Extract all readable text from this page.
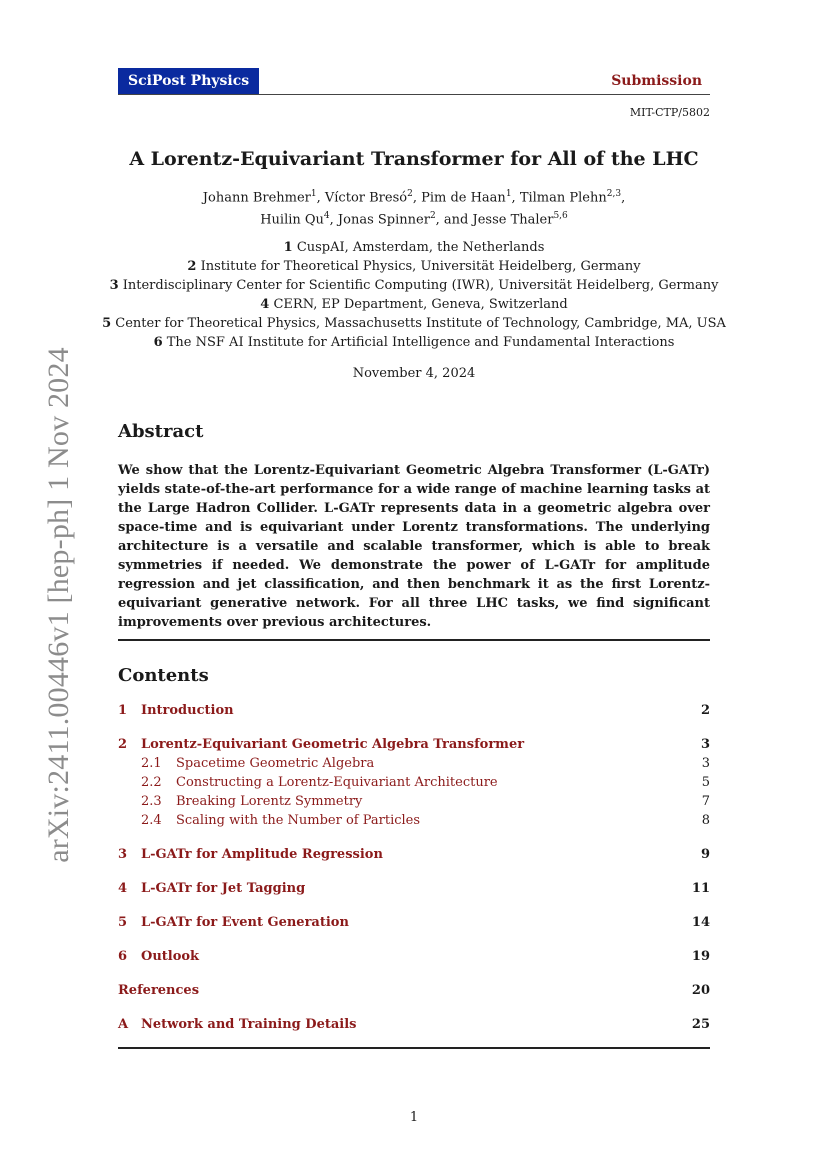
arXiv:2411.00446v1 [hep-ph] 1 Nov 2024
SciPost Physics	Submission
MIT-CTP/5802
A Lorentz-Equivariant Transformer for All of the LHC
Johann Brehmer$^1$, Víctor Bresó$^2$, Pim de Haan$^1$, Tilman Plehn$^{2,3}$,
Huilin Qu$^4$, Jonas Spinner$^2$, and Jesse Thaler$^{5,6}$
1 CuspAI, Amsterdam, the Netherlands
2 Institute for Theoretical Physics, Universität Heidelberg, Germany
3 Interdisciplinary Center for Scientific Computing (IWR), Universität Heidelberg, Germany
4 CERN, EP Department, Geneva, Switzerland
5 Center for Theoretical Physics, Massachusetts Institute of Technology, Cambridge, MA, USA
6 The NSF AI Institute for Artificial Intelligence and Fundamental Interactions
November 4, 2024
Abstract
We show that the Lorentz-Equivariant Geometric Algebra Transformer (L-GATr) yields state-of-the-art performance for a wide range of machine learning tasks at the Large Hadron Collider. L-GATr represents data in a geometric algebra over space-time and is equivariant under Lorentz transformations. The underlying architecture is a versatile and scalable transformer, which is able to break symmetries if needed. We demonstrate the power of L-GATr for amplitude regression and jet classification, and then benchmark it as the first Lorentz-equivariant generative network. For all three LHC tasks, we find significant improvements over previous architectures.
Contents
1	Introduction	2
2	Lorentz-Equivariant Geometric Algebra Transformer	3
2.1	Spacetime Geometric Algebra	3
2.2	Constructing a Lorentz-Equivariant Architecture	5
2.3	Breaking Lorentz Symmetry	7
2.4	Scaling with the Number of Particles	8
3	L-GATr for Amplitude Regression	9
4	L-GATr for Jet Tagging	11
5	L-GATr for Event Generation	14
6	Outlook	19
References	20
A Network and Training Details	25
1
